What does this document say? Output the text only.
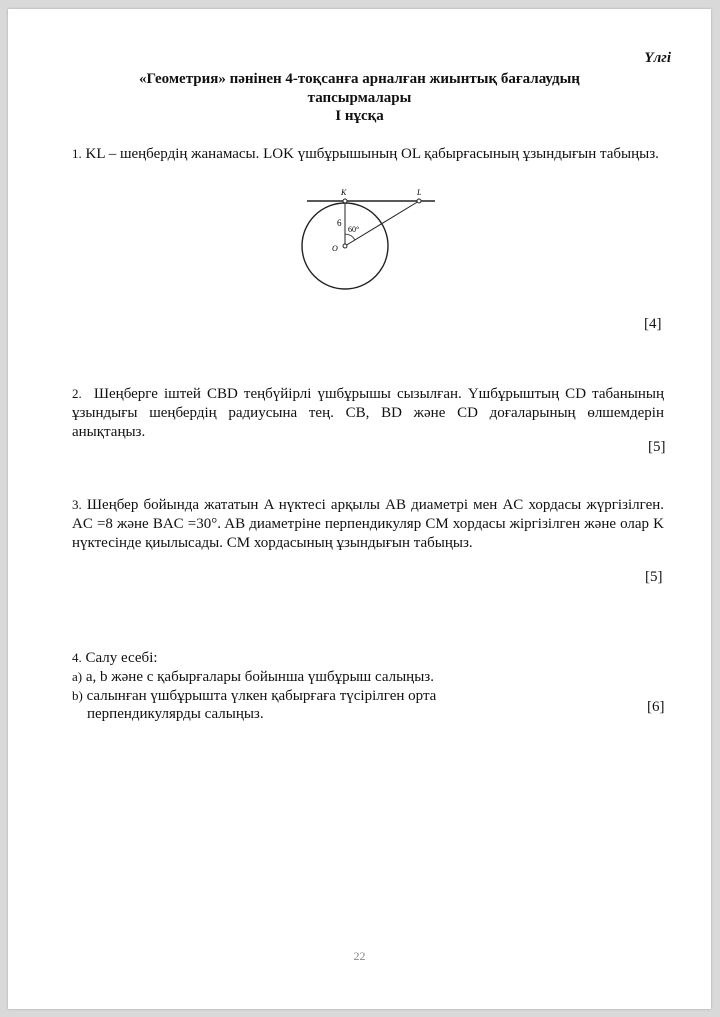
Үлгі
«Геометрия» пәнінен 4-тоқсанға арналған жиынтық бағалаудың
тапсырмалары
I нұсқа

1. KL – шеңбердің жанамасы. LOK үшбұрышының OL қабырғасының ұзындығын табыңыз.

K	L
O
6
60°
[4]

2. Шеңберге іштей CBD теңбүйірлі үшбұрышы сызылған. Үшбұрыштың CD табанының ұзындығы шеңбердің радиусына тең. CB, BD және CD доғаларының өлшемдерін анықтаңыз.

[5]

3. Шеңбер бойында жататын A нүктесі арқылы AB диаметрі мен AC хордасы жүргізілген. AC =8 және BAC =30°. AB диаметріне перпендикуляр CM хордасы жіргізілген және олар K нүктесінде қиылысады. CM хордасының ұзындығын табыңыз.

[5]

4. Салу есебі:

a) a, b және c қабырғалары бойынша үшбұрыш салыңыз.
b) салынған үшбұрышта үлкен қабырғаға түсірілген орта
перпендикулярды салыңыз.	[6]
22
